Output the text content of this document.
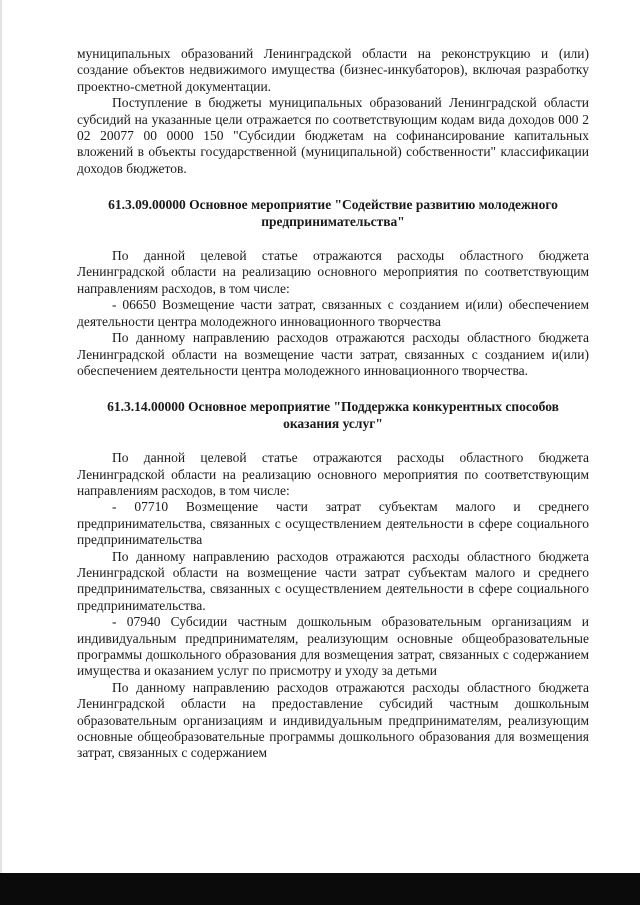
муниципальных образований Ленинградской области на реконструкцию и (или) создание объектов недвижимого имущества (бизнес-инкубаторов), включая разработку проектно-сметной документации.

Поступление в бюджеты муниципальных образований Ленинградской области субсидий на указанные цели отражается по соответствующим кодам вида доходов 000 2 02 20077 00 0000 150 "Субсидии бюджетам на софинансирование капитальных вложений в объекты государственной (муниципальной) собственности" классификации доходов бюджетов.

61.3.09.00000 Основное мероприятие "Содействие развитию молодежного предпринимательства"

По данной целевой статье отражаются расходы областного бюджета Ленинградской области на реализацию основного мероприятия по соответствующим направлениям расходов, в том числе:

- 06650 Возмещение части затрат, связанных с созданием и(или) обеспечением деятельности центра молодежного инновационного творчества

По данному направлению расходов отражаются расходы областного бюджета Ленинградской области на возмещение части затрат, связанных с созданием и(или) обеспечением деятельности центра молодежного инновационного творчества.

61.3.14.00000 Основное мероприятие "Поддержка конкурентных способов оказания услуг"

По данной целевой статье отражаются расходы областного бюджета Ленинградской области на реализацию основного мероприятия по соответствующим направлениям расходов, в том числе:

- 07710 Возмещение части затрат субъектам малого и среднего предпринимательства, связанных с осуществлением деятельности в сфере социального предпринимательства

По данному направлению расходов отражаются расходы областного бюджета Ленинградской области на возмещение части затрат субъектам малого и среднего предпринимательства, связанных с осуществлением деятельности в сфере социального предпринимательства.

- 07940 Субсидии частным дошкольным образовательным организациям и индивидуальным предпринимателям, реализующим основные общеобразовательные программы дошкольного образования для возмещения затрат, связанных с содержанием имущества и оказанием услуг по присмотру и уходу за детьми

По данному направлению расходов отражаются расходы областного бюджета Ленинградской области на предоставление субсидий частным дошкольным образовательным организациям и индивидуальным предпринимателям, реализующим основные общеобразовательные программы дошкольного образования для возмещения затрат, связанных с содержанием
